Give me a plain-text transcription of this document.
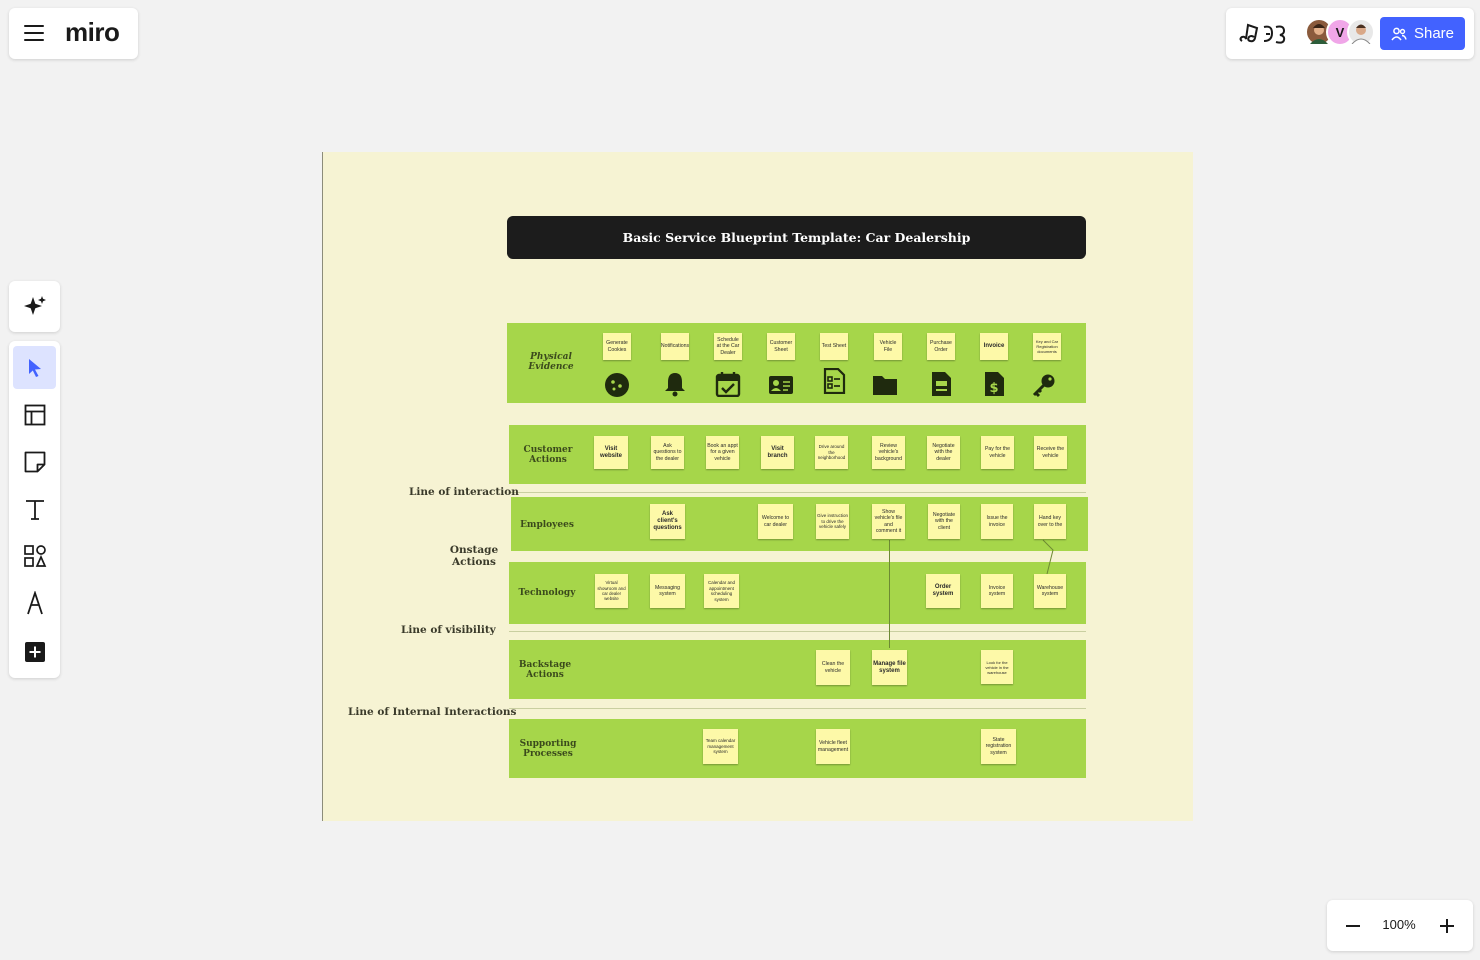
miro	V	Share
100%
Basic Service Blueprint Template: Car Dealership
Physical Evidence
Customer Actions
Employees
Technology
Backstage Actions
Supporting Processes
Line of interaction
Onstage Actions
Line of visibility
Line of Internal Interactions
Generate Cookies
Notifications
Schedule at the Car Dealer
Customer Sheet
Test Sheet
Vehicle File
Purchase Order
Invoice
Key and Car Registration documents
$
Visit website
Ask questions to the dealer
Book an appt for a given vehicle
Visit branch
Drive around the neighborhood
Review vehicle's background
Negotiate with the dealer
Pay for the vehicle
Receive the vehicle
Ask client's questions
Welcome to car dealer
Give instruction to drive the vehicle safely
Show vehicle's file and comment it
Negotiate with the client
Issue the invoice
Hand key over to the
Virtual showroom and car dealer website
Messaging system
Calendar and appointment scheduling system
Order system
Invoice system
Warehouse system
Clean the vehicle
Manage file system
Look for the vehicle in the warehouse
Team calendar management system
Vehicle fleet management
State registration system
